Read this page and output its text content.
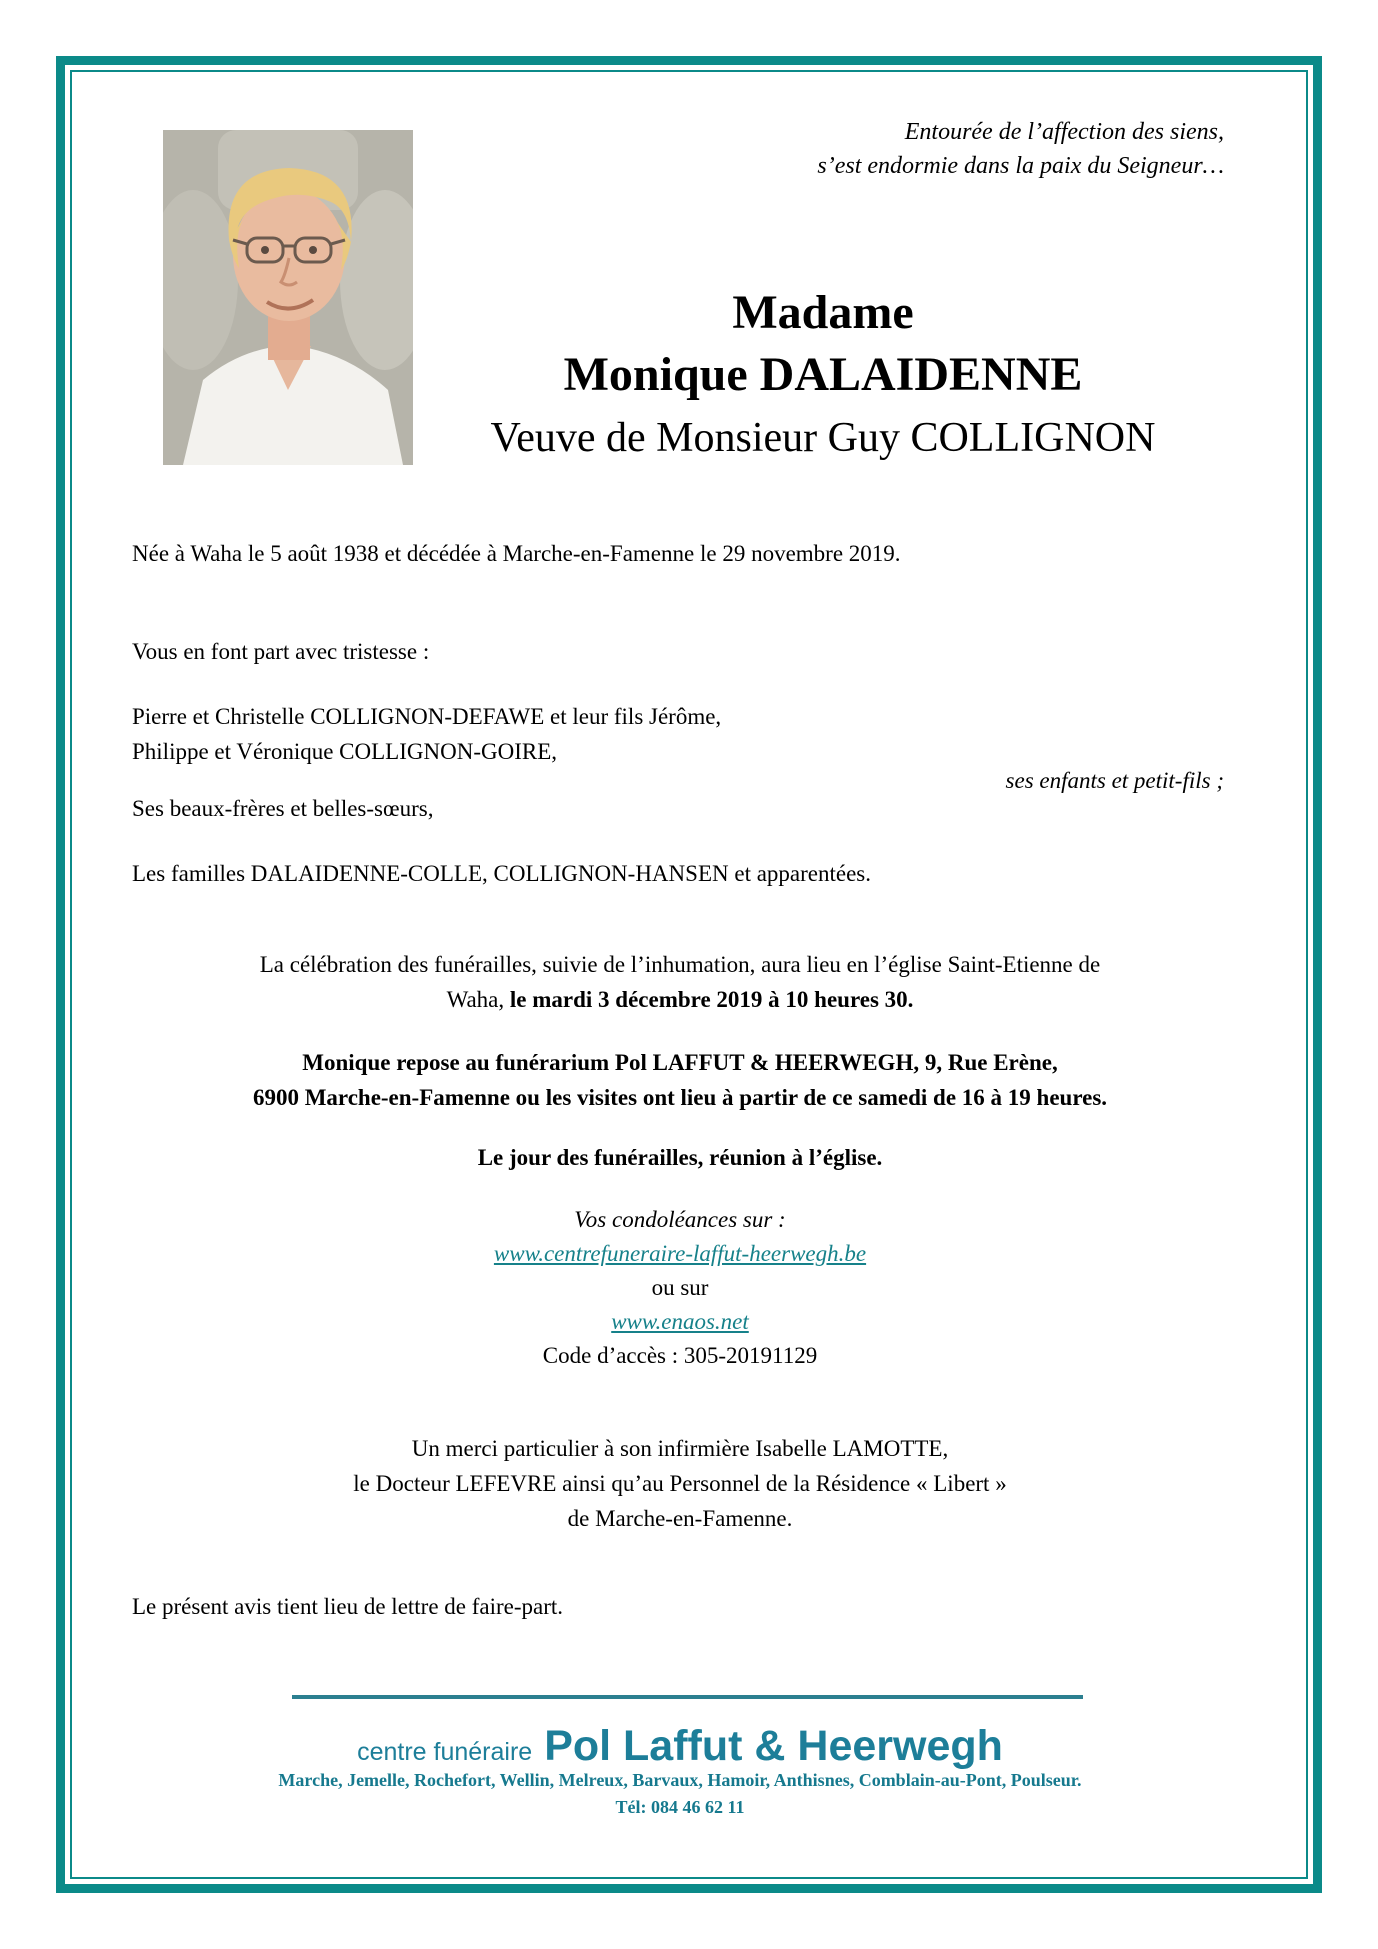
Entourée de l’affection des siens,
s’est endormie dans la paix du Seigneur…
Madame
Monique DALAIDENNE
Veuve de Monsieur Guy COLLIGNON
Née à Waha le 5 août 1938 et décédée à Marche-en-Famenne le 29 novembre 2019.
Vous en font part avec tristesse :
Pierre et Christelle COLLIGNON-DEFAWE et leur fils Jérôme,
Philippe et Véronique COLLIGNON-GOIRE,
ses enfants et petit-fils ;
Ses beaux-frères et belles-sœurs,
Les familles DALAIDENNE-COLLE, COLLIGNON-HANSEN et apparentées.
La célébration des funérailles, suivie de l’inhumation, aura lieu en l’église Saint-Etienne de
Waha, le mardi 3 décembre 2019 à 10 heures 30.
Monique repose au funérarium Pol LAFFUT & HEERWEGH, 9, Rue Erène,
6900 Marche-en-Famenne ou les visites ont lieu à partir de ce samedi de 16 à 19 heures.
Le jour des funérailles, réunion à l’église.
Vos condoléances sur :
www.centrefuneraire-laffut-heerwegh.be
ou sur
www.enaos.net
Code d’accès : 305-20191129
Un merci particulier à son infirmière Isabelle LAMOTTE,
le Docteur LEFEVRE ainsi qu’au Personnel de la Résidence « Libert »
de Marche-en-Famenne.
Le présent avis tient lieu de lettre de faire-part.
centre funéraire Pol Laffut & Heerwegh
Marche, Jemelle, Rochefort, Wellin, Melreux, Barvaux, Hamoir, Anthisnes, Comblain-au-Pont, Poulseur.
Tél: 084 46 62 11
